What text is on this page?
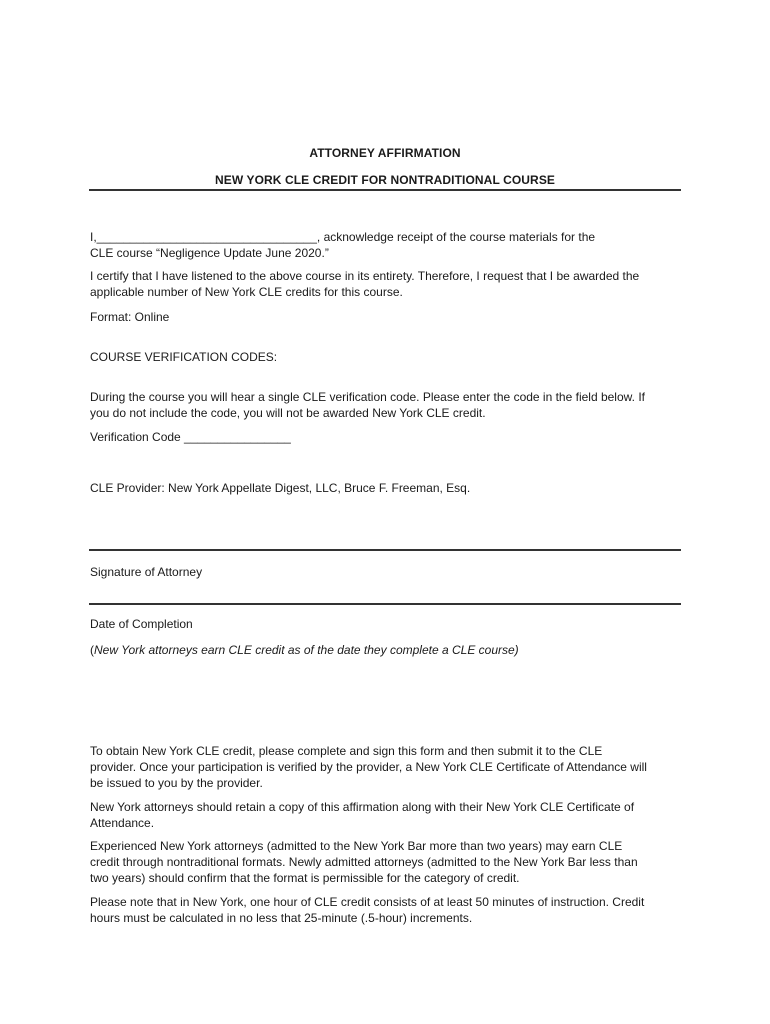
ATTORNEY AFFIRMATION
NEW YORK CLE CREDIT FOR NONTRADITIONAL COURSE

I,_________________________________, acknowledge receipt of the course materials for the

CLE course “Negligence Update June 2020.”

I certify that I have listened to the above course in its entirety. Therefore, I request that I be awarded the

applicable number of New York CLE credits for this course.

Format: Online

COURSE VERIFICATION CODES:

During the course you will hear a single CLE verification code. Please enter the code in the field below. If

you do not include the code, you will not be awarded New York CLE credit.

Verification Code ________________

CLE Provider: New York Appellate Digest, LLC, Bruce F. Freeman, Esq.

Signature of Attorney

Date of Completion

(New York attorneys earn CLE credit as of the date they complete a CLE course)

To obtain New York CLE credit, please complete and sign this form and then submit it to the CLE

provider. Once your participation is verified by the provider, a New York CLE Certificate of Attendance will

be issued to you by the provider.

New York attorneys should retain a copy of this affirmation along with their New York CLE Certificate of

Attendance.

Experienced New York attorneys (admitted to the New York Bar more than two years) may earn CLE

credit through nontraditional formats. Newly admitted attorneys (admitted to the New York Bar less than

two years) should confirm that the format is permissible for the category of credit.

Please note that in New York, one hour of CLE credit consists of at least 50 minutes of instruction. Credit

hours must be calculated in no less that 25-minute (.5-hour) increments.
